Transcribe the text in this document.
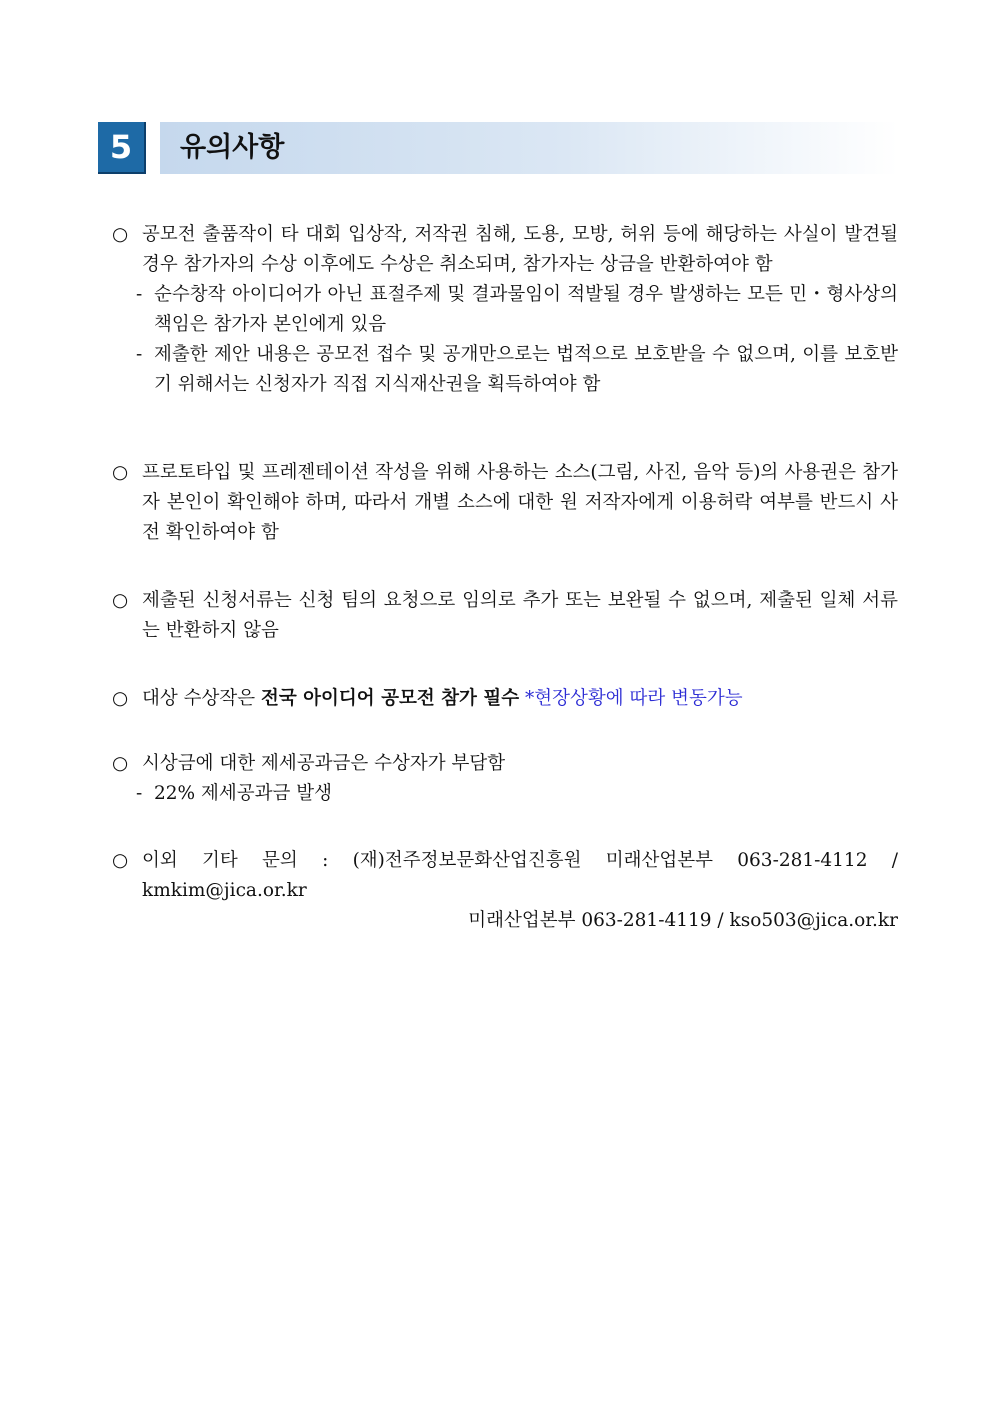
5	유의사항
○ 공모전 출품작이 타 대회 입상작, 저작권 침해, 도용, 모방, 허위 등에 해당하는 사실이 발견될 경우 참가자의 수상 이후에도 수상은 취소되며, 참가자는 상금을 반환하여야 함
- 순수창작 아이디어가 아닌 표절주제 및 결과물임이 적발될 경우 발생하는 모든 민・형사상의 책임은 참가자 본인에게 있음
- 제출한 제안 내용은 공모전 접수 및 공개만으로는 법적으로 보호받을 수 없으며, 이를 보호받기 위해서는 신청자가 직접 지식재산권을 획득하여야 함
○ 프로토타입 및 프레젠테이션 작성을 위해 사용하는 소스(그림, 사진, 음악 등)의 사용권은 참가자 본인이 확인해야 하며, 따라서 개별 소스에 대한 원 저작자에게 이용허락 여부를 반드시 사전 확인하여야 함
○ 제출된 신청서류는 신청 팀의 요청으로 임의로 추가 또는 보완될 수 없으며, 제출된 일체 서류는 반환하지 않음
○ 대상 수상작은 전국 아이디어 공모전 참가 필수 *현장상황에 따라 변동가능
○ 시상금에 대한 제세공과금은 수상자가 부담함
- 22% 제세공과금 발생
○ 이외 기타 문의 : (재)전주정보문화산업진흥원 미래산업본부 063-281-4112 / kmkim@jica.or.kr
미래산업본부 063-281-4119 / kso503@jica.or.kr
